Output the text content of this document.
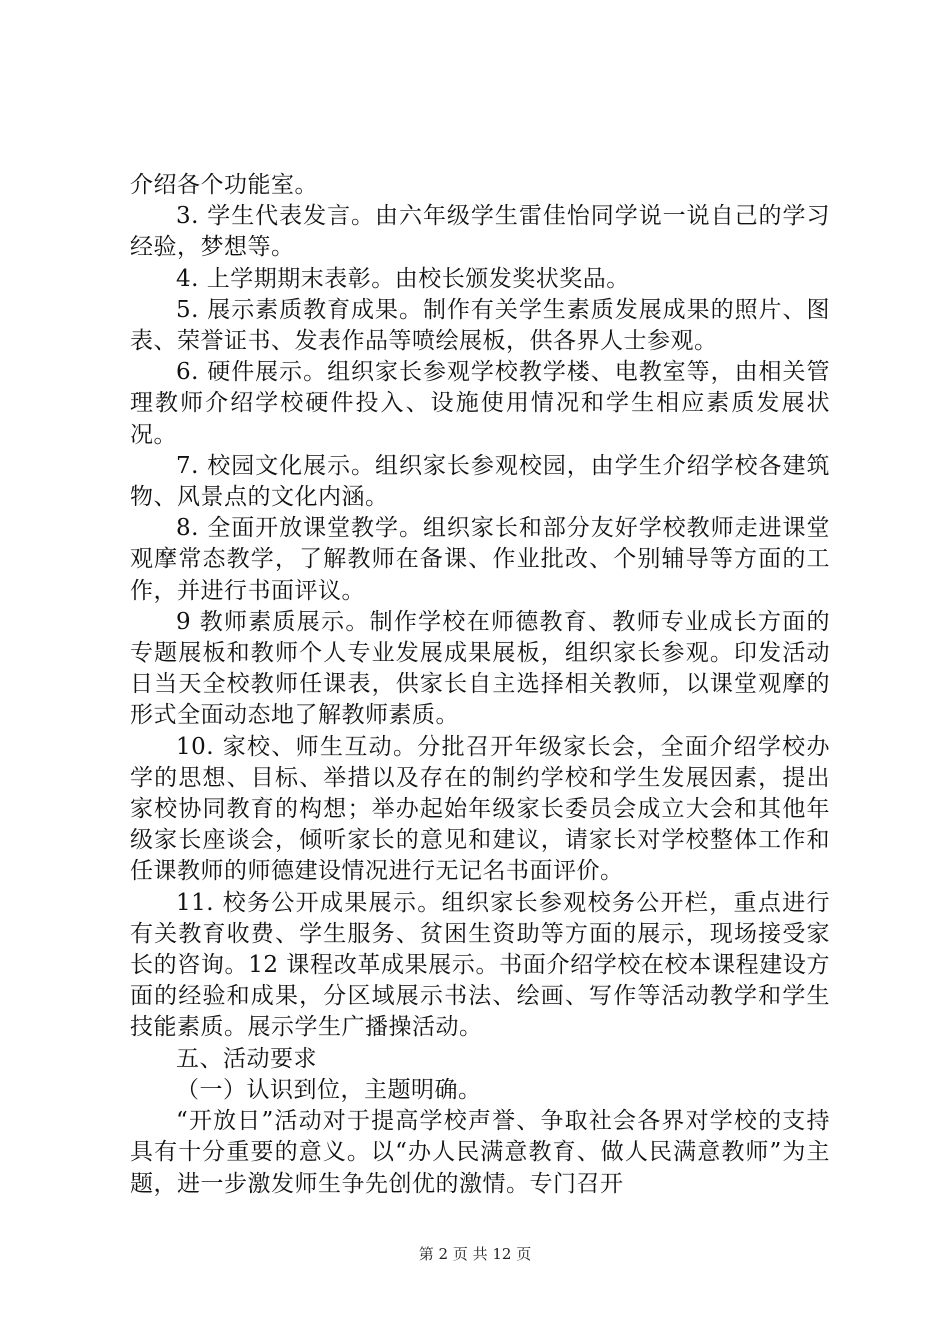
介绍各个功能室。

3. 学生代表发言。由六年级学生雷佳怡同学说一说自己的学习经验，梦想等。

4. 上学期期末表彰。由校长颁发奖状奖品。

5. 展示素质教育成果。制作有关学生素质发展成果的照片、图表、荣誉证书、发表作品等喷绘展板，供各界人士参观。

6. 硬件展示。组织家长参观学校教学楼、电教室等，由相关管理教师介绍学校硬件投入、设施使用情况和学生相应素质发展状况。

7. 校园文化展示。组织家长参观校园，由学生介绍学校各建筑物、风景点的文化内涵。

8. 全面开放课堂教学。组织家长和部分友好学校教师走进课堂观摩常态教学，了解教师在备课、作业批改、个别辅导等方面的工作，并进行书面评议。

9 教师素质展示。制作学校在师德教育、教师专业成长方面的专题展板和教师个人专业发展成果展板，组织家长参观。印发活动日当天全校教师任课表，供家长自主选择相关教师，以课堂观摩的形式全面动态地了解教师素质。

10. 家校、师生互动。分批召开年级家长会，全面介绍学校办学的思想、目标、举措以及存在的制约学校和学生发展因素，提出家校协同教育的构想；举办起始年级家长委员会成立大会和其他年级家长座谈会，倾听家长的意见和建议，请家长对学校整体工作和任课教师的师德建设情况进行无记名书面评价。

11. 校务公开成果展示。组织家长参观校务公开栏，重点进行有关教育收费、学生服务、贫困生资助等方面的展示，现场接受家长的咨询。12 课程改革成果展示。书面介绍学校在校本课程建设方面的经验和成果，分区域展示书法、绘画、写作等活动教学和学生技能素质。展示学生广播操活动。

五、活动要求

（一）认识到位，主题明确。

“开放日”活动对于提高学校声誉、争取社会各界对学校的支持具有十分重要的意义。以“办人民满意教育、做人民满意教师”为主题，进一步激发师生争先创优的激情。专门召开

第 2 页 共 12 页
